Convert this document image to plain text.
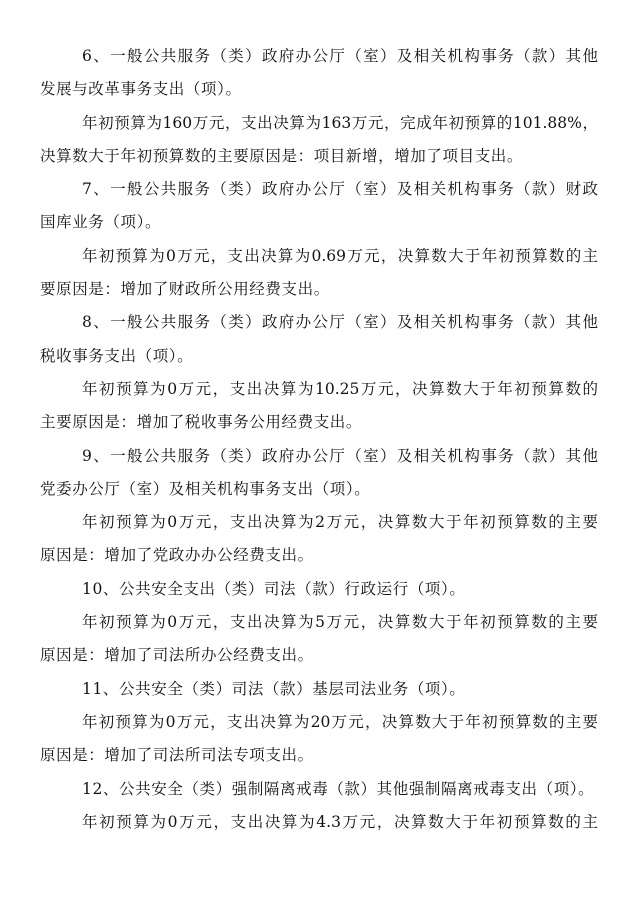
6、一般公共服务（类）政府办公厅（室）及相关机构事务（款）其他
发展与改革事务支出（项）。
年初预算为160万元，支出决算为163万元，完成年初预算的101.88%，
决算数大于年初预算数的主要原因是：项目新增，增加了项目支出。
7、一般公共服务（类）政府办公厅（室）及相关机构事务（款）财政
国库业务（项）。
年初预算为0万元，支出决算为0.69万元，决算数大于年初预算数的主
要原因是：增加了财政所公用经费支出。
8、一般公共服务（类）政府办公厅（室）及相关机构事务（款）其他
税收事务支出（项）。
年初预算为0万元，支出决算为10.25万元，决算数大于年初预算数的
主要原因是：增加了税收事务公用经费支出。
9、一般公共服务（类）政府办公厅（室）及相关机构事务（款）其他
党委办公厅（室）及相关机构事务支出（项）。
年初预算为0万元，支出决算为2万元，决算数大于年初预算数的主要
原因是：增加了党政办办公经费支出。
10、公共安全支出（类）司法（款）行政运行（项）。
年初预算为0万元，支出决算为5万元，决算数大于年初预算数的主要
原因是：增加了司法所办公经费支出。
11、公共安全（类）司法（款）基层司法业务（项）。
年初预算为0万元，支出决算为20万元，决算数大于年初预算数的主要
原因是：增加了司法所司法专项支出。
12、公共安全（类）强制隔离戒毒（款）其他强制隔离戒毒支出（项）。
年初预算为0万元，支出决算为4.3万元，决算数大于年初预算数的主
